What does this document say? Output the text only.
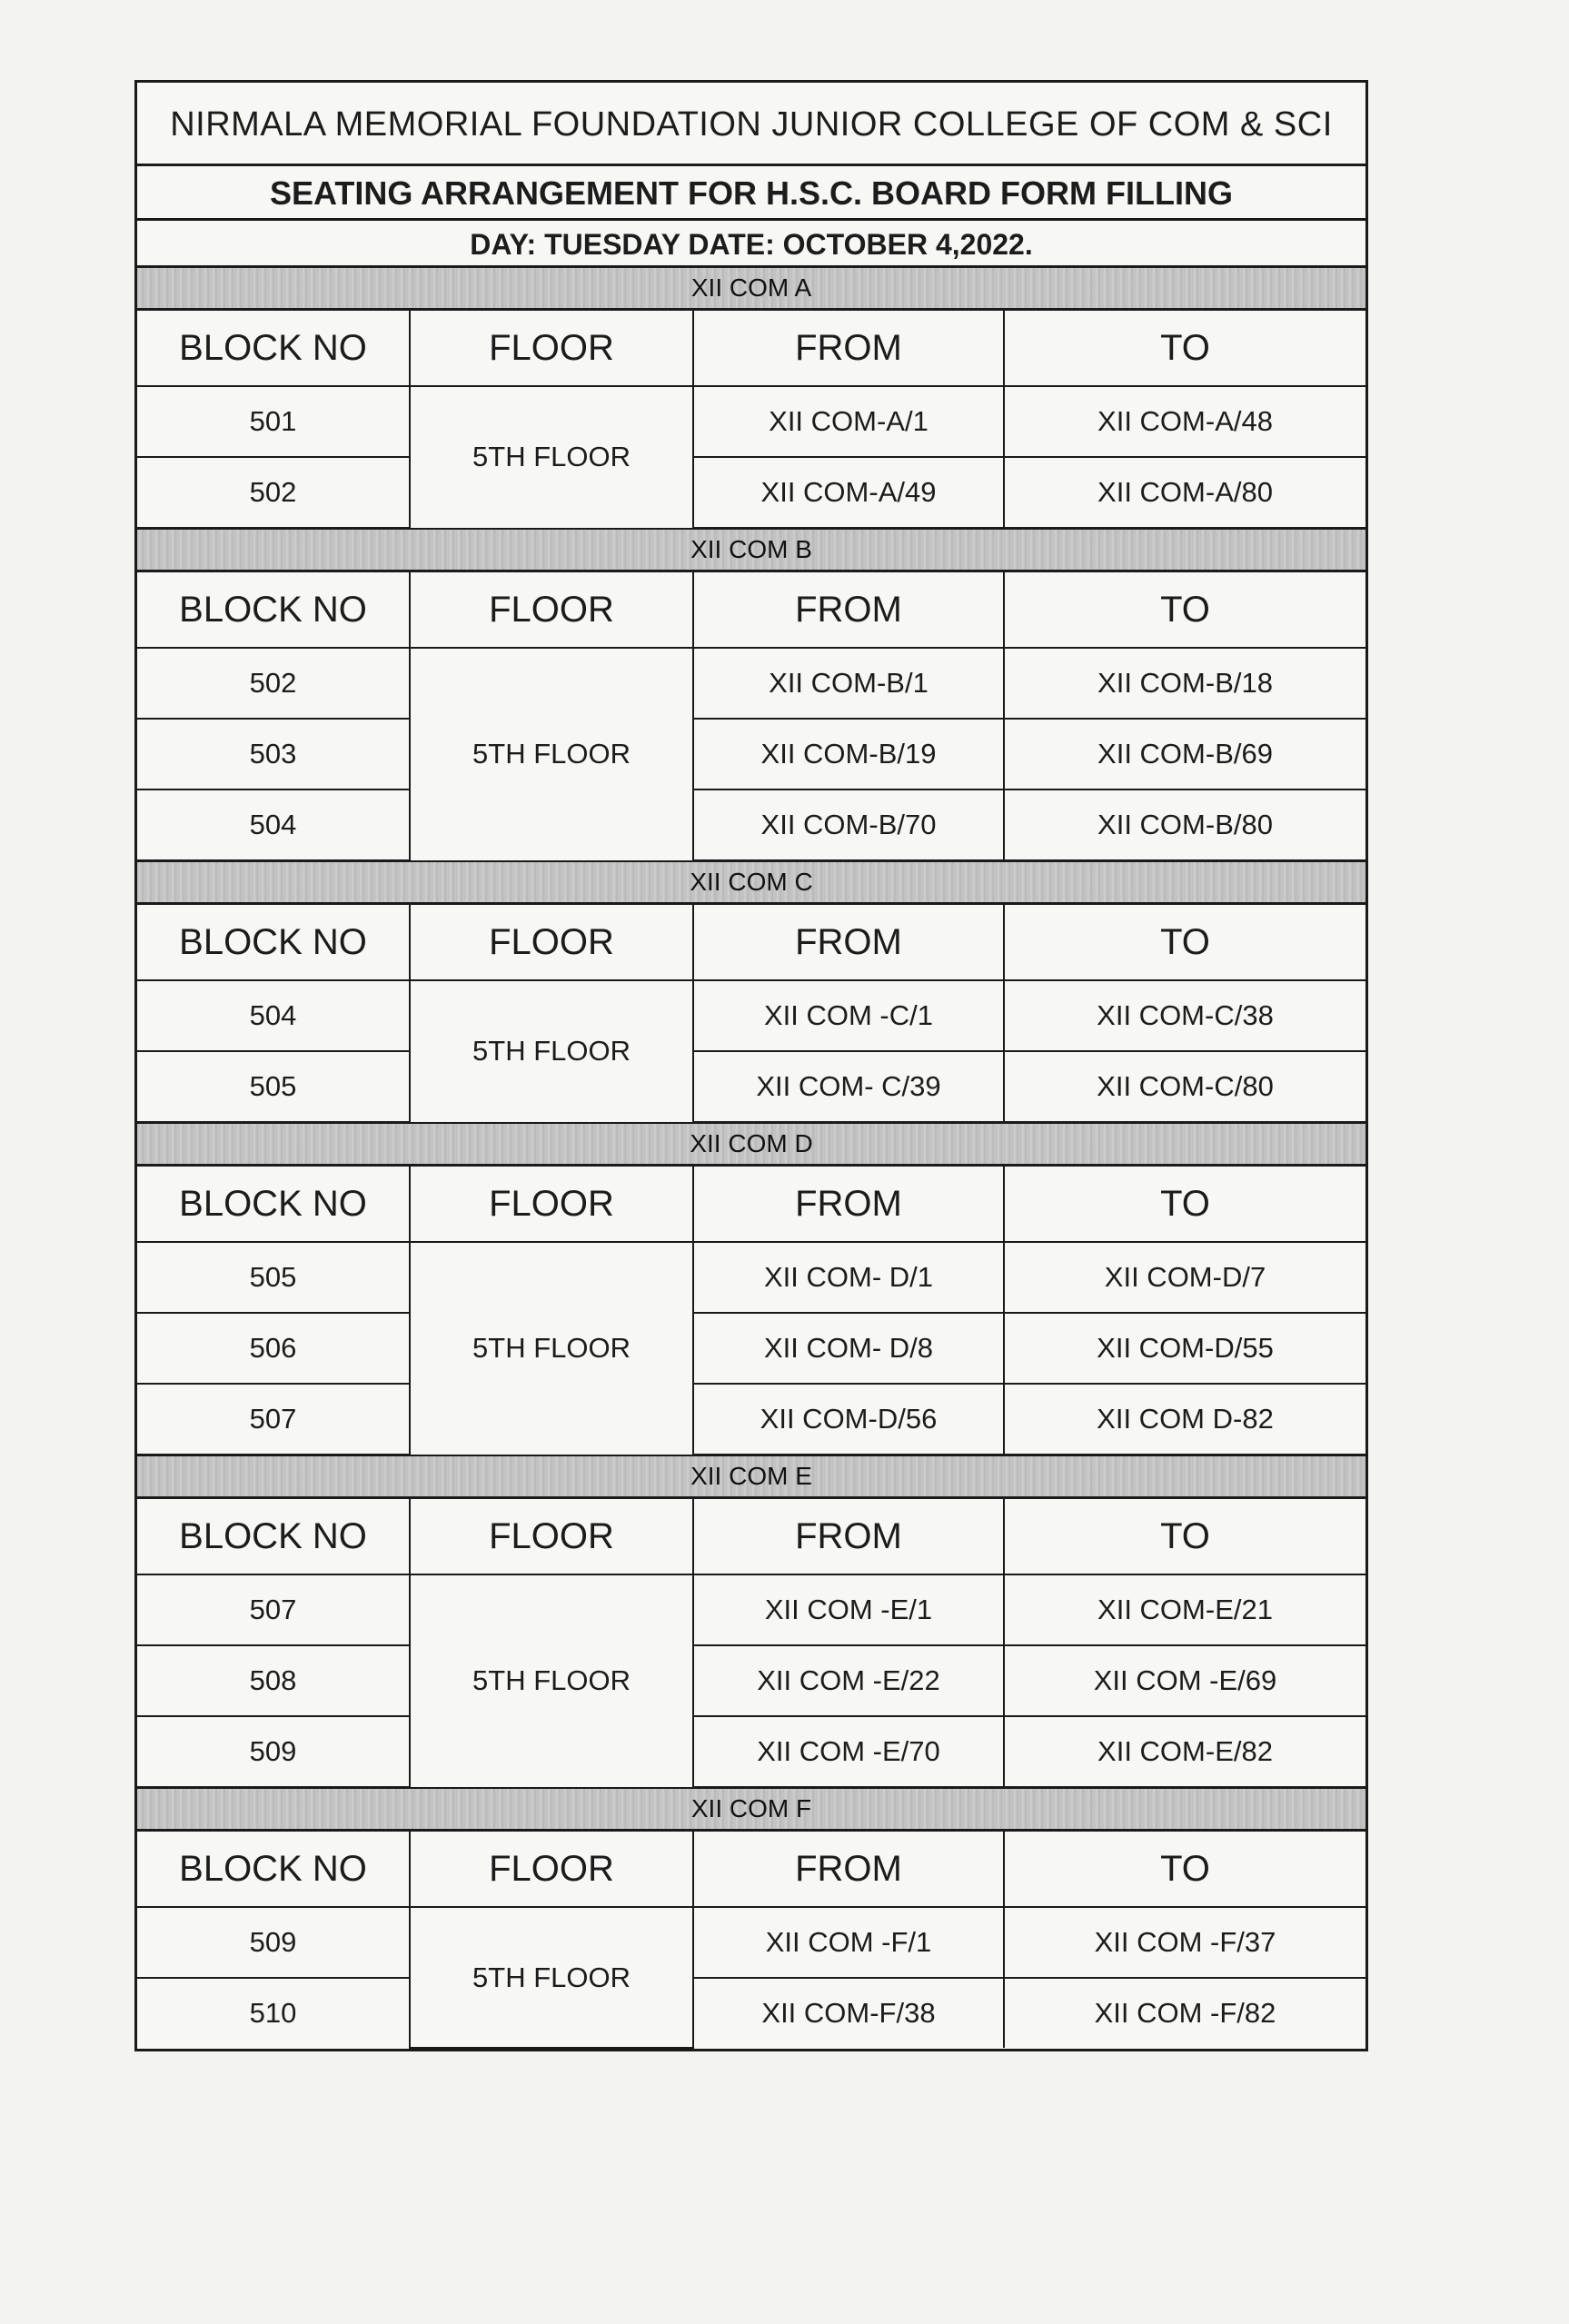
NIRMALA MEMORIAL FOUNDATION JUNIOR COLLEGE OF COM & SCI
SEATING ARRANGEMENT FOR H.S.C. BOARD FORM FILLING
DAY: TUESDAY DATE: OCTOBER 4,2022.
XII COM A
BLOCK NO	FLOOR	FROM	TO
501	5TH FLOOR	XII COM-A/1	XII COM-A/48
502		XII COM-A/49	XII COM-A/80
XII COM B
BLOCK NO	FLOOR	FROM	TO
502	5TH FLOOR	XII COM-B/1	XII COM-B/18
503		XII COM-B/19	XII COM-B/69
504		XII COM-B/70	XII COM-B/80
XII COM C
BLOCK NO	FLOOR	FROM	TO
504	5TH FLOOR	XII COM -C/1	XII COM-C/38
505		XII COM- C/39	XII COM-C/80
XII COM D
BLOCK NO	FLOOR	FROM	TO
505	5TH FLOOR	XII COM- D/1	XII COM-D/7
506		XII COM- D/8	XII COM-D/55
507		XII COM-D/56	XII COM D-82
XII COM E
BLOCK NO	FLOOR	FROM	TO
507	5TH FLOOR	XII COM -E/1	XII COM-E/21
508		XII COM -E/22	XII COM -E/69
509		XII COM -E/70	XII COM-E/82
XII COM F
BLOCK NO	FLOOR	FROM	TO
509	5TH FLOOR	XII COM -F/1	XII COM -F/37
510		XII COM-F/38	XII COM -F/82
